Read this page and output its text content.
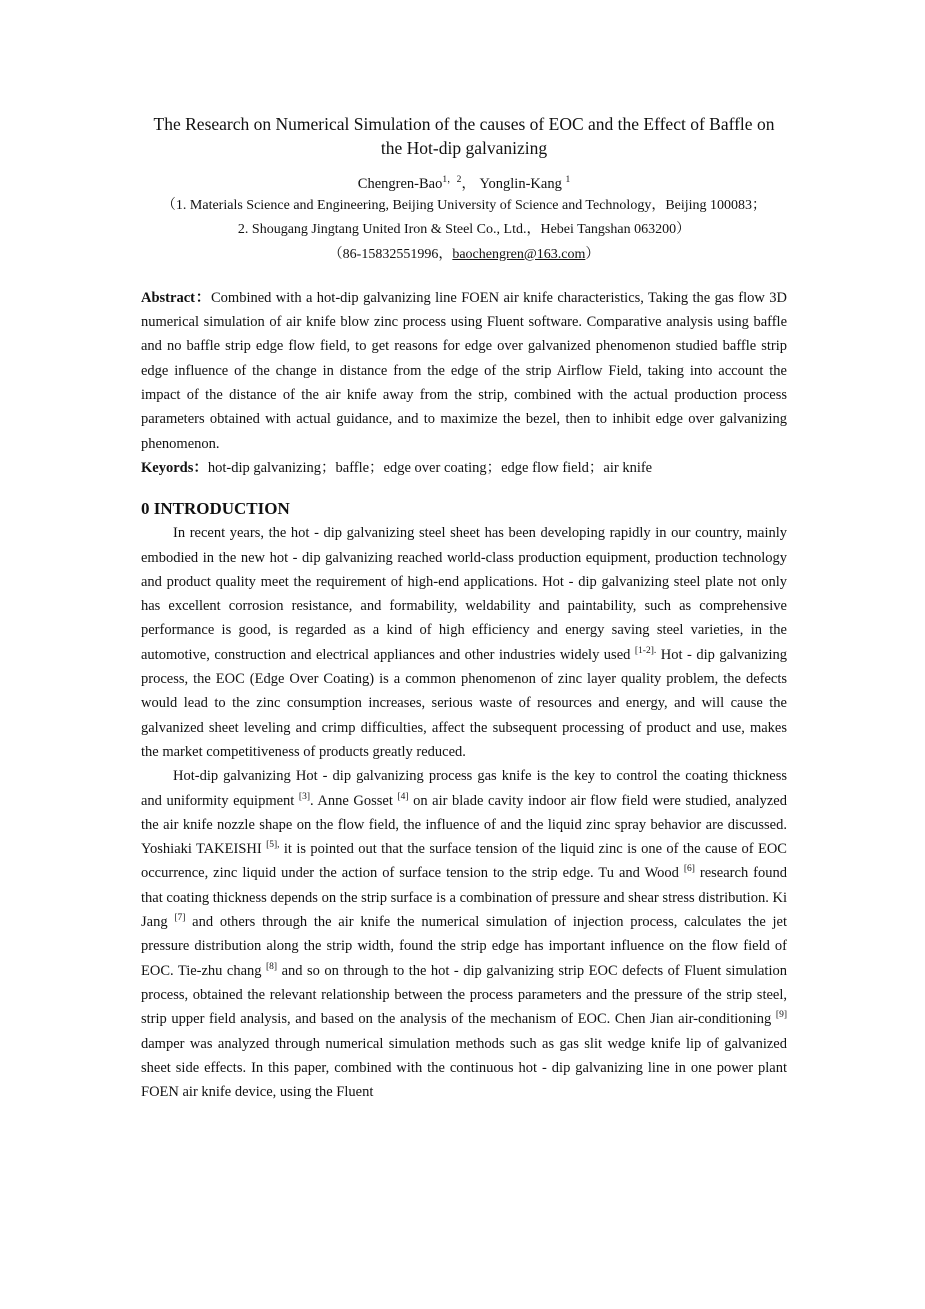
The Research on Numerical Simulation of the causes of EOC and the Effect of Baffle on the Hot-dip galvanizing
Chengren-Bao$^{1,2}$， Yonglin-Kang $^1$
（1. Materials Science and Engineering, Beijing University of Science and Technology，Beijing 100083；
2. Shougang Jingtang United Iron & Steel Co., Ltd.，Hebei Tangshan 063200）
（86-15832551996，baochengren@163.com）
Abstract：Combined with a hot-dip galvanizing line FOEN air knife characteristics, Taking the gas flow 3D numerical simulation of air knife blow zinc process using Fluent software. Comparative analysis using baffle and no baffle strip edge flow field, to get reasons for edge over galvanized phenomenon studied baffle strip edge influence of the change in distance from the edge of the strip Airflow Field, taking into account the impact of the distance of the air knife away from the strip, combined with the actual production process parameters obtained with actual guidance, and to maximize the bezel, then to inhibit edge over galvanizing phenomenon.
Keyords：hot-dip galvanizing；baffle；edge over coating；edge flow field；air knife
0 INTRODUCTION

In recent years, the hot - dip galvanizing steel sheet has been developing rapidly in our country, mainly embodied in the new hot - dip galvanizing reached world-class production equipment, production technology and product quality meet the requirement of high-end applications. Hot - dip galvanizing steel plate not only has excellent corrosion resistance, and formability, weldability and paintability, such as comprehensive performance is good, is regarded as a kind of high efficiency and energy saving steel varieties, in the automotive, construction and electrical appliances and other industries widely used $^{[1-2].}$ Hot - dip galvanizing process, the EOC (Edge Over Coating) is a common phenomenon of zinc layer quality problem, the defects would lead to the zinc consumption increases, serious waste of resources and energy, and will cause the galvanized sheet leveling and crimp difficulties, affect the subsequent processing of product and use, makes the market competitiveness of products greatly reduced.

Hot-dip galvanizing Hot - dip galvanizing process gas knife is the key to control the coating thickness and uniformity equipment [3]. Anne Gosset [4] on air blade cavity indoor air flow field were studied, analyzed the air knife nozzle shape on the flow field, the influence of and the liquid zinc spray behavior are discussed. Yoshiaki TAKEISHI $^{[5],}$ it is pointed out that the surface tension of the liquid zinc is one of the cause of EOC occurrence, zinc liquid under the action of surface tension to the strip edge. Tu and Wood [6] research found that coating thickness depends on the strip surface is a combination of pressure and shear stress distribution. Ki Jang [7] and others through the air knife the numerical simulation of injection process, calculates the jet pressure distribution along the strip width, found the strip edge has important influence on the flow field of EOC. Tie-zhu chang [8] and so on through to the hot - dip galvanizing strip EOC defects of Fluent simulation process, obtained the relevant relationship between the process parameters and the pressure of the strip steel, strip upper field analysis, and based on the analysis of the mechanism of EOC. Chen Jian air-conditioning [9] damper was analyzed through numerical simulation methods such as gas slit wedge knife lip of galvanized sheet side effects. In this paper, combined with the continuous hot - dip galvanizing line in one power plant FOEN air knife device, using the Fluent
